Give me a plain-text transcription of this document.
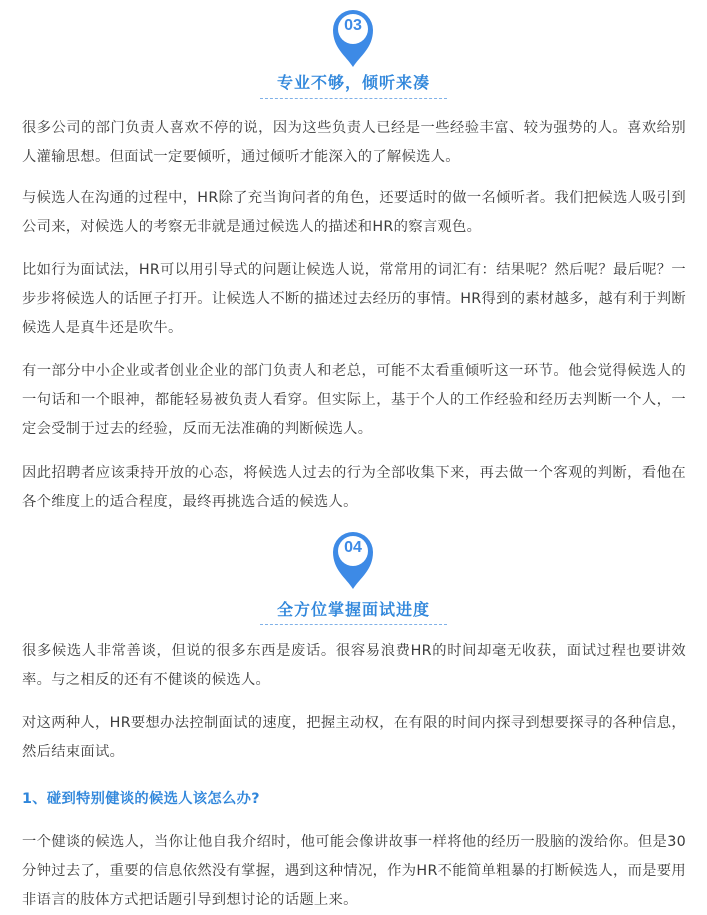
03
专业不够，倾听来凑

很多公司的部门负责人喜欢不停的说，因为这些负责人已经是一些经验丰富、较为强势的人。喜欢给别人灌输思想。但面试一定要倾听，通过倾听才能深入的了解候选人。

与候选人在沟通的过程中，HR除了充当询问者的角色，还要适时的做一名倾听者。我们把候选人吸引到公司来，对候选人的考察无非就是通过候选人的描述和HR的察言观色。

比如行为面试法，HR可以用引导式的问题让候选人说，常常用的词汇有：结果呢？然后呢？最后呢？一步步将候选人的话匣子打开。让候选人不断的描述过去经历的事情。HR得到的素材越多，越有利于判断候选人是真牛还是吹牛。

有一部分中小企业或者创业企业的部门负责人和老总，可能不太看重倾听这一环节。他会觉得候选人的一句话和一个眼神，都能轻易被负责人看穿。但实际上，基于个人的工作经验和经历去判断一个人，一定会受制于过去的经验，反而无法准确的判断候选人。

因此招聘者应该秉持开放的心态，将候选人过去的行为全部收集下来，再去做一个客观的判断，看他在各个维度上的适合程度，最终再挑选合适的候选人。

04
全方位掌握面试进度

很多候选人非常善谈，但说的很多东西是废话。很容易浪费HR的时间却毫无收获，面试过程也要讲效率。与之相反的还有不健谈的候选人。

对这两种人，HR要想办法控制面试的速度，把握主动权，在有限的时间内探寻到想要探寻的各种信息，然后结束面试。

1、碰到特别健谈的候选人该怎么办?

一个健谈的候选人，当你让他自我介绍时，他可能会像讲故事一样将他的经历一股脑的泼给你。但是30分钟过去了，重要的信息依然没有掌握，遇到这种情况，作为HR不能简单粗暴的打断候选人，而是要用非语言的肢体方式把话题引导到想讨论的话题上来。
